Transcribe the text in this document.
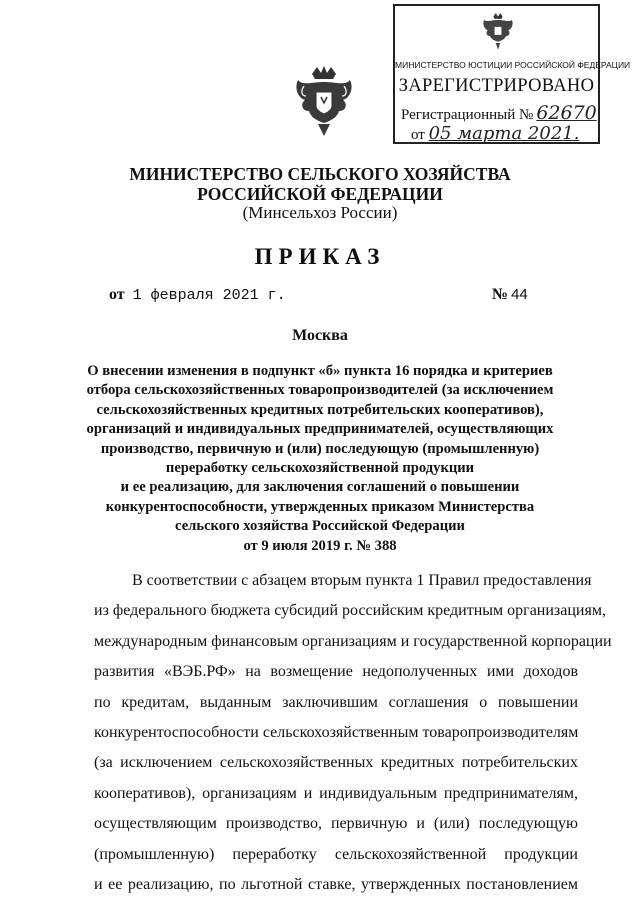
МИНИСТЕРСТВО ЮСТИЦИИ РОССИЙСКОЙ ФЕДЕРАЦИИ
ЗАРЕГИСТРИРОВАНО
Регистрационный № 62670
от 05 марта 2021.
МИНИСТЕРСТВО СЕЛЬСКОГО ХОЗЯЙСТВА
РОССИЙСКОЙ ФЕДЕРАЦИИ
(Минсельхоз России)
ПРИКАЗ
от 1 февраля 2021 г.	№ 44
Москва
О внесении изменения в подпункт «б» пункта 16 порядка и критериев
отбора сельскохозяйственных товаропроизводителей (за исключением
сельскохозяйственных кредитных потребительских кооперативов),
организаций и индивидуальных предпринимателей, осуществляющих
производство, первичную и (или) последующую (промышленную)
переработку сельскохозяйственной продукции
и ее реализацию, для заключения соглашений о повышении
конкурентоспособности, утвержденных приказом Министерства
сельского хозяйства Российской Федерации
от 9 июля 2019 г. № 388
В соответствии с абзацем вторым пункта 1 Правил предоставления
из федерального бюджета субсидий российским кредитным организациям,
международным финансовым организациям и государственной корпорации
развития «ВЭБ.РФ» на возмещение недополученных ими доходов
по кредитам, выданным заключившим соглашения о повышении
конкурентоспособности сельскохозяйственным товаропроизводителям
(за исключением сельскохозяйственных кредитных потребительских
кооперативов), организациям и индивидуальным предпринимателям,
осуществляющим производство, первичную и (или) последующую
(промышленную) переработку сельскохозяйственной продукции
и ее реализацию, по льготной ставке, утвержденных постановлением
